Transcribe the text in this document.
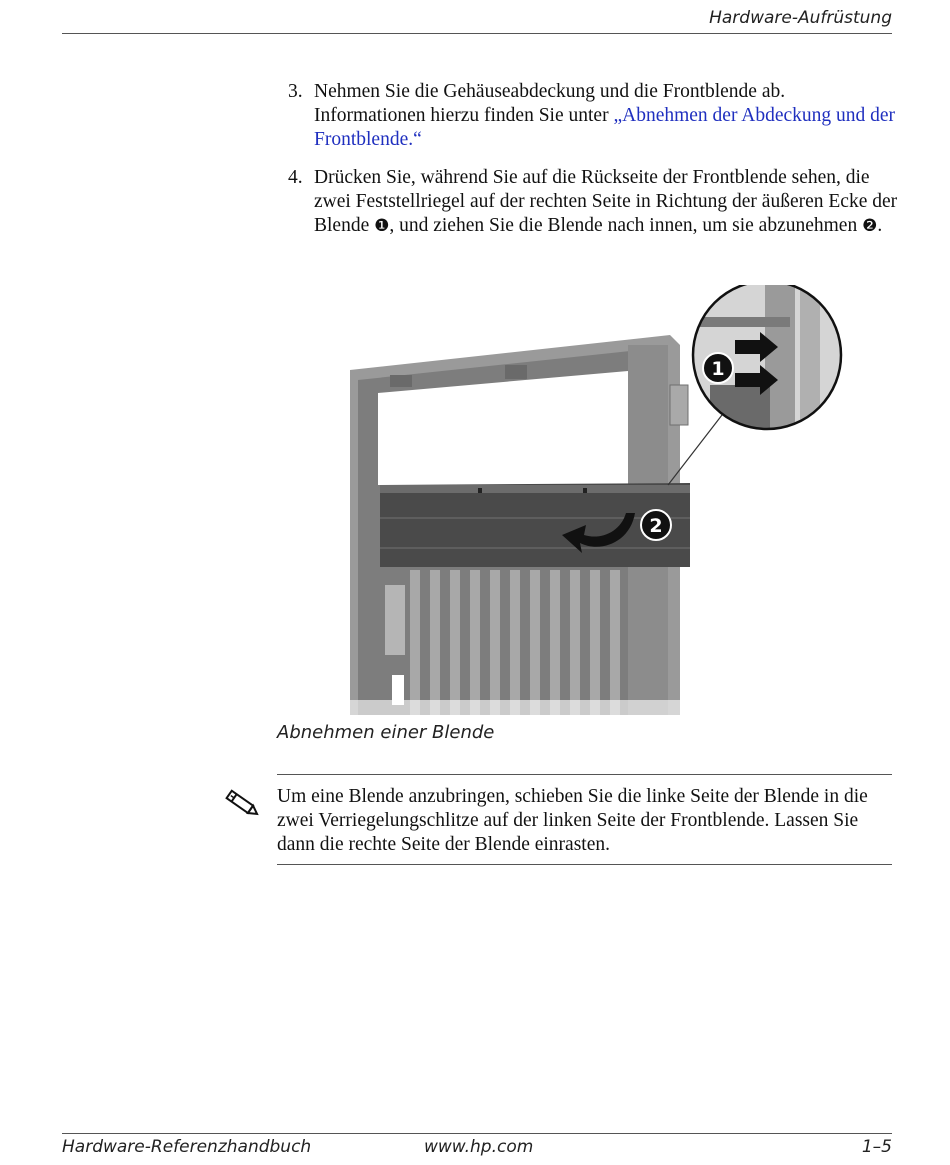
Hardware-Aufrüstung
3. Nehmen Sie die Gehäuseabdeckung und die Frontblende ab. Informationen hierzu finden Sie unter „Abnehmen der Abdeckung und der Frontblende.“
4. Drücken Sie, während Sie auf die Rückseite der Frontblende sehen, die zwei Feststellriegel auf der rechten Seite in Richtung der äußeren Ecke der Blende ❶, und ziehen Sie die Blende nach innen, um sie abzunehmen ❷.
2
1
Abnehmen einer Blende
Um eine Blende anzubringen, schieben Sie die linke Seite der Blende in die zwei Verriegelungschlitze auf der linken Seite der Frontblende. Lassen Sie dann die rechte Seite der Blende einrasten.
Hardware-Referenzhandbuch	www.hp.com	1–5
